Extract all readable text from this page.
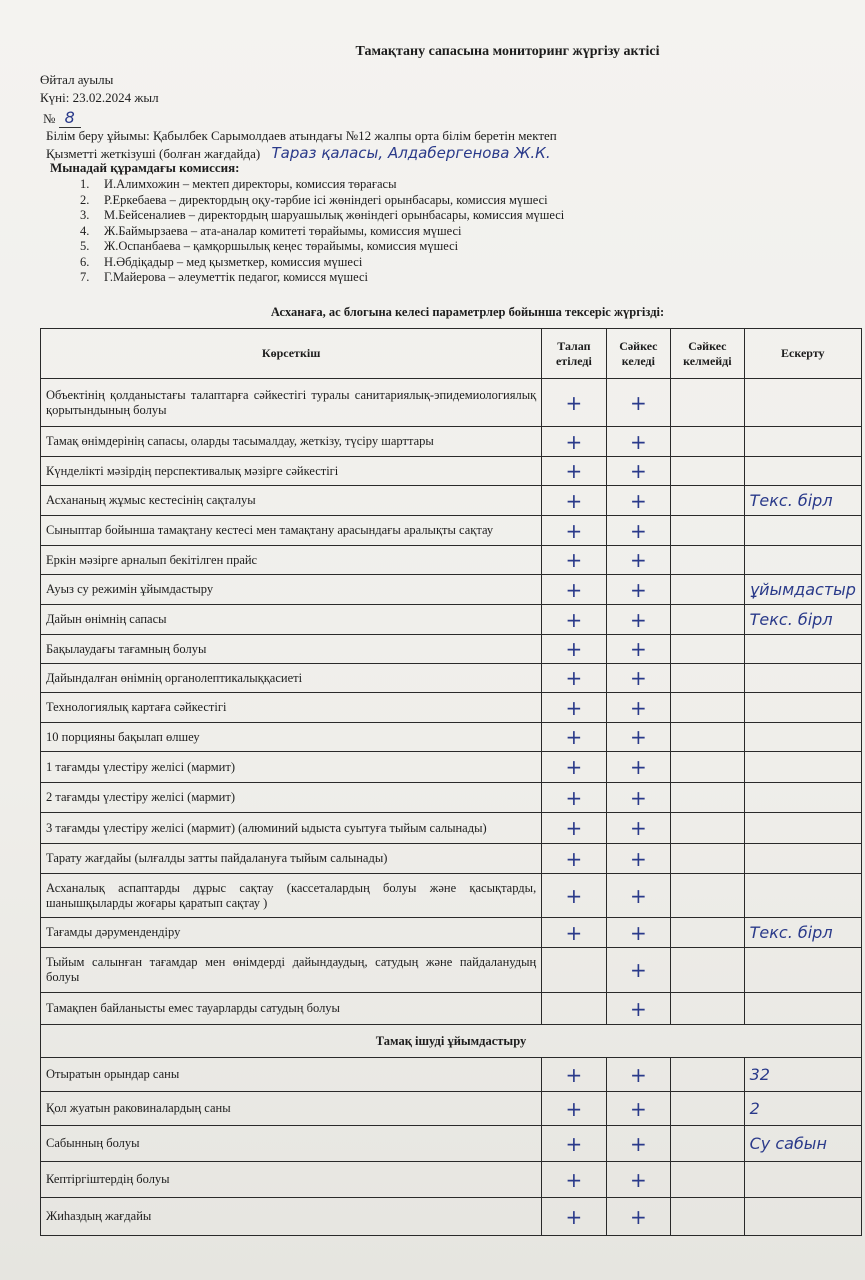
Тамақтану сапасына мониторинг жүргізу актісі
Өйтал ауылы
Күні: 23.02.2024 жыл
№ 8
Білім беру ұйымы: Қабылбек Сарымолдаев атындағы №12 жалпы орта білім беретін мектеп
Қызметті жеткізуші (болған жағдайда) Тараз қаласы, Алдабергенова Ж.К.
Мынадай құрамдағы комиссия:
1. И.Алимхожин – мектеп директоры, комиссия төрағасы
2. Р.Еркебаева – директордың оқу-тәрбие ісі жөніндегі орынбасары, комиссия мүшесі
3. М.Бейсеналиев – директордың шаруашылық жөніндегі орынбасары, комиссия мүшесі
4. Ж.Баймырзаева – ата-аналар комитеті төрайымы, комиссия мүшесі
5. Ж.Оспанбаева – қамқоршылық кеңес төрайымы, комиссия мүшесі
6. Н.Әбдіқадыр – мед қызметкер, комиссия мүшесі
7. Г.Майерова – әлеуметтік педагог, комисся мүшесі
Асханаға, ас блогына келесі параметрлер бойынша тексеріс жүргізді:
Көрсеткіш	Талап етіледі	Сәйкес келеді	Сәйкес келмейді	Ескерту
Объектінің қолданыстағы талаптарға сәйкестігі туралы санитариялық-эпидемиологиялық қорытындының болуы	+	+		
Тамақ өнімдерінің сапасы, оларды тасымалдау, жеткізу, түсіру шарттары	+	+		
Күнделікті мәзірдің перспективалық мәзірге сәйкестігі	+	+		
Асхананың жұмыс кестесінің сақталуы	+	+		Текс. бірл
Сыныптар бойынша тамақтану кестесі мен тамақтану арасындағы аралықты сақтау	+	+		
Еркін мәзірге арналып бекітілген прайс	+	+		
Ауыз су режимін ұйымдастыру	+	+		ұйымдастыр
Дайын өнімнің сапасы	+	+		Текс. бірл
Бақылаудағы тағамның болуы	+	+		
Дайындалған өнімнің органолептикалыққасиеті	+	+		
Технологиялық картаға сәйкестігі	+	+		
10 порцияны бақылап өлшеу	+	+		
1 тағамды үлестіру желісі (мармит)	+	+		
2 тағамды үлестіру желісі (мармит)	+	+		
3 тағамды үлестіру желісі (мармит) (алюминий ыдыста суытуға тыйым салынады)	+	+		
Тарату жағдайы (ылғалды затты пайдалануға тыйым салынады)	+	+		
Асханалық аспаптарды дұрыс сақтау (кассеталардың болуы және қасықтарды, шанышқыларды жоғары қаратып сақтау )	+	+		
Тағамды дәрумендендіру	+	+		Текс. бірл
Тыйым салынған тағамдар мен өнімдерді дайындаудың, сатудың және пайдаланудың болуы		+		
Тамақпен байланысты емес тауарларды сатудың болуы		+		
Тамақ ішуді ұйымдастыру				
Отыратын орындар саны	+	+		32
Қол жуатын раковиналардың саны	+	+		2
Сабынның болуы	+	+		Су сабын
Кептіргіштердің болуы	+	+		
Жиһаздың жағдайы	+	+		
